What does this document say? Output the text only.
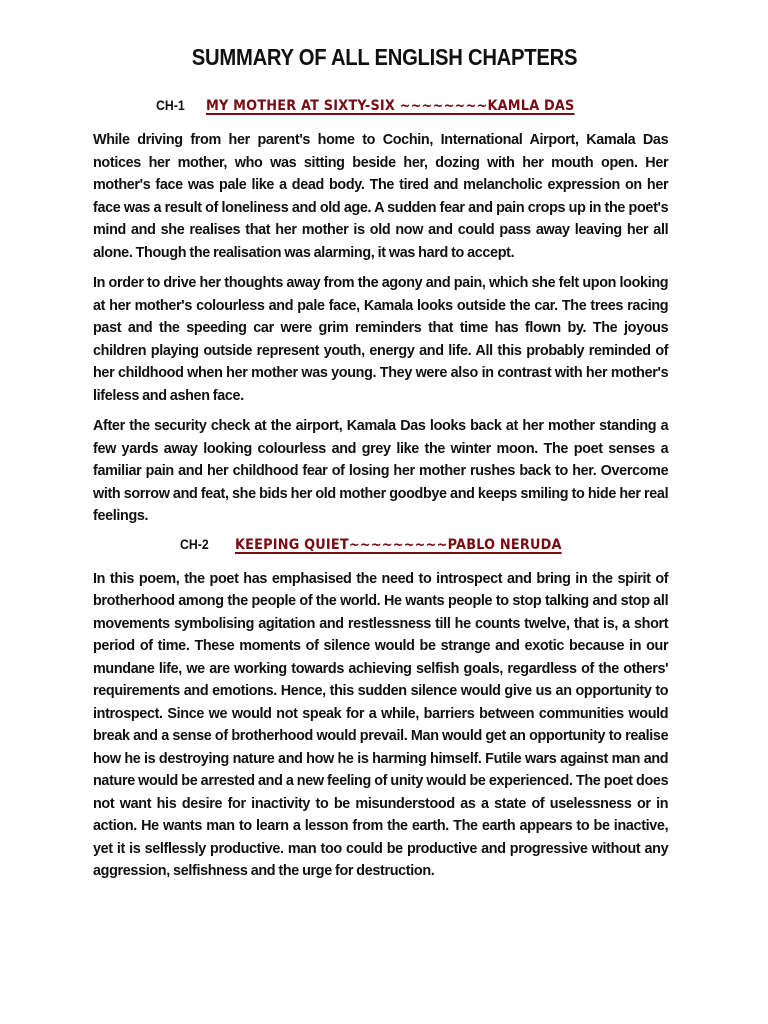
SUMMARY OF ALL ENGLISH CHAPTERS
CH-1	MY MOTHER AT SIXTY-SIX ~~~~~~~~KAMLA DAS

While driving from her parent's home to Cochin, International Airport, Kamala Das notices her mother, who was sitting beside her, dozing with her mouth open. Her mother's face was pale like a dead body. The tired and melancholic expression on her face was a result of loneliness and old age. A sudden fear and pain crops up in the poet's mind and she realises that her mother is old now and could pass away leaving her all alone. Though the realisation was alarming, it was hard to accept.

In order to drive her thoughts away from the agony and pain, which she felt upon looking at her mother's colourless and pale face, Kamala looks outside the car. The trees racing past and the speeding car were grim reminders that time has flown by. The joyous children playing outside represent youth, energy and life. All this probably reminded of her childhood when her mother was young. They were also in contrast with her mother's lifeless and ashen face.

After the security check at the airport, Kamala Das looks back at her mother standing a few yards away looking colourless and grey like the winter moon. The poet senses a familiar pain and her childhood fear of losing her mother rushes back to her. Overcome with sorrow and feat, she bids her old mother goodbye and keeps smiling to hide her real feelings.

CH-2	KEEPING QUIET~~~~~~~~~PABLO NERUDA

In this poem, the poet has emphasised the need to introspect and bring in the spirit of brotherhood among the people of the world. He wants people to stop talking and stop all movements symbolising agitation and restlessness till he counts twelve, that is, a short period of time. These moments of silence would be strange and exotic because in our mundane life, we are working towards achieving selfish goals, regardless of the others' requirements and emotions. Hence, this sudden silence would give us an opportunity to introspect. Since we would not speak for a while, barriers between communities would break and a sense of brotherhood would prevail. Man would get an opportunity to realise how he is destroying nature and how he is harming himself. Futile wars against man and nature would be arrested and a new feeling of unity would be experienced. The poet does not want his desire for inactivity to be misunderstood as a state of uselessness or in action. He wants man to learn a lesson from the earth. The earth appears to be inactive, yet it is selflessly productive. man too could be productive and progressive without any aggression, selfishness and the urge for destruction.
